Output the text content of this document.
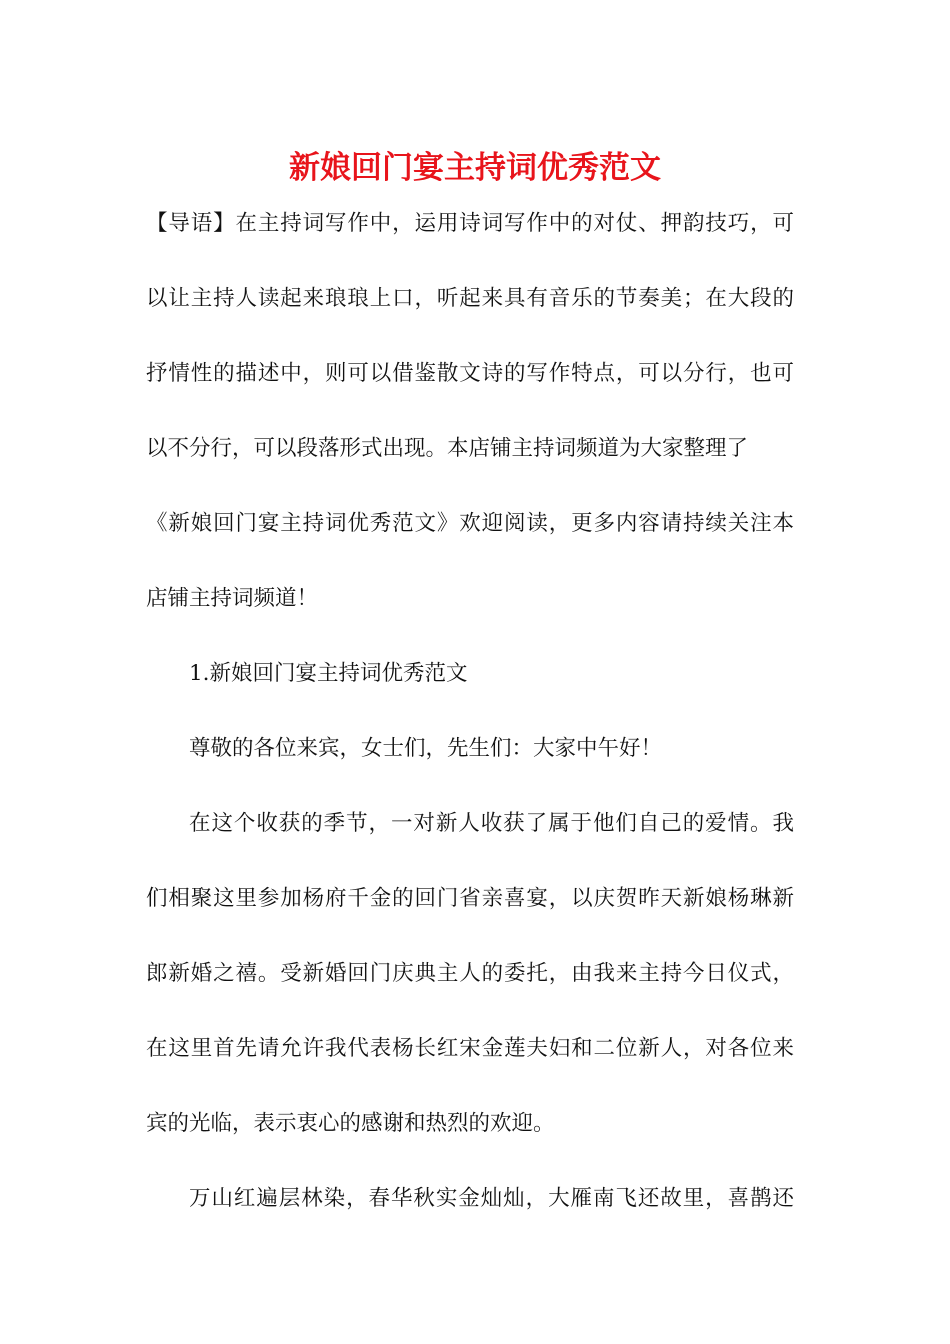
新娘回门宴主持词优秀范文
【导语】在主持词写作中，运用诗词写作中的对仗、押韵技巧，可
以让主持人读起来琅琅上口，听起来具有音乐的节奏美；在大段的
抒情性的描述中，则可以借鉴散文诗的写作特点，可以分行，也可
以不分行，可以段落形式出现。本店铺主持词频道为大家整理了
《新娘回门宴主持词优秀范文》欢迎阅读，更多内容请持续关注本
店铺主持词频道！
1.新娘回门宴主持词优秀范文
尊敬的各位来宾，女士们，先生们：大家中午好！
在这个收获的季节，一对新人收获了属于他们自己的爱情。我
们相聚这里参加杨府千金的回门省亲喜宴，以庆贺昨天新娘杨琳新
郎新婚之禧。受新婚回门庆典主人的委托，由我来主持今日仪式，
在这里首先请允许我代表杨长红宋金莲夫妇和二位新人，对各位来
宾的光临，表示衷心的感谢和热烈的欢迎。
万山红遍层林染，春华秋实金灿灿，大雁南飞还故里，喜鹊还
